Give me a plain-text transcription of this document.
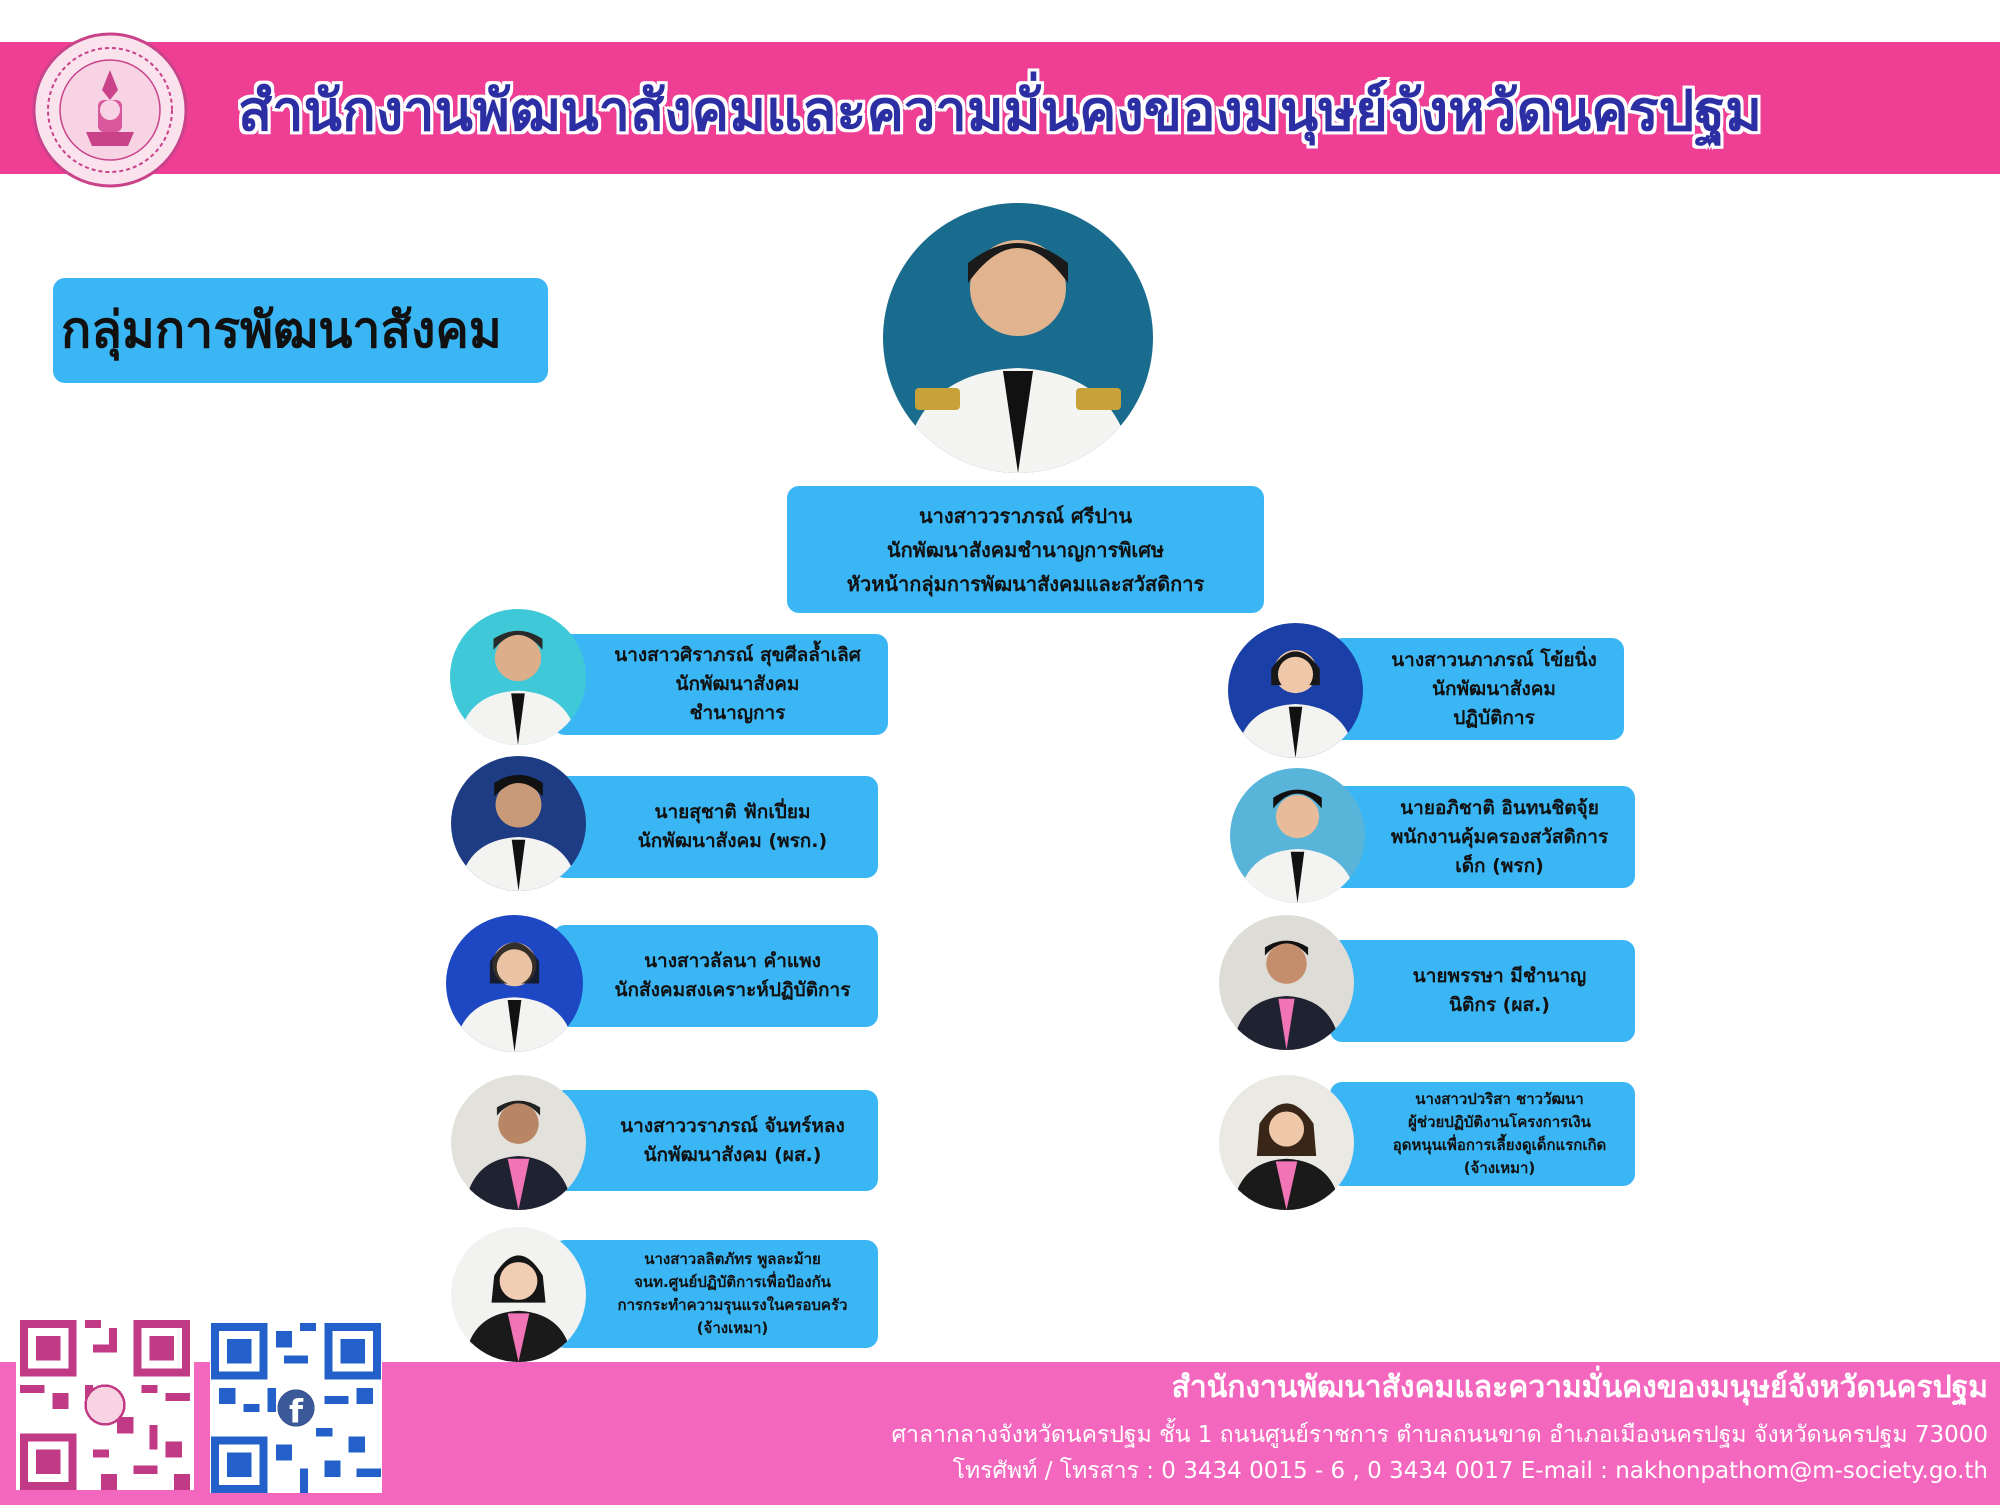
สำนักงานพัฒนาสังคมและความมั่นคงของมนุษย์จังหวัดนครปฐม
กลุ่มการพัฒนาสังคม
นางสาววราภรณ์ ศรีปาน
นักพัฒนาสังคมชำนาญการพิเศษ
หัวหน้ากลุ่มการพัฒนาสังคมและสวัสดิการ
นางสาวศิราภรณ์ สุขศีลล้ำเลิศ
นักพัฒนาสังคม
ชำนาญการ
นายสุชาติ ฟักเปี่ยม
นักพัฒนาสังคม (พรก.)
นางสาวลัลนา คำแพง
นักสังคมสงเคราะห์ปฏิบัติการ
นางสาววราภรณ์ จันทร์หลง
นักพัฒนาสังคม (ผส.)
นางสาวลลิตภัทร พูลละม้าย
จนท.ศูนย์ปฏิบัติการเพื่อป้องกัน
การกระทำความรุนแรงในครอบครัว
(จ้างเหมา)
นางสาวนภาภรณ์ โข้ยนิ่ง
นักพัฒนาสังคม
ปฏิบัติการ
นายอภิชาติ อินทนชิตจุ้ย
พนักงานคุ้มครองสวัสดิการ
เด็ก (พรก)
นายพรรษา มีชำนาญ
นิติกร (ผส.)
นางสาวปวริสา ชาววัฒนา
ผู้ช่วยปฏิบัติงานโครงการเงิน
อุดหนุนเพื่อการเลี้ยงดูเด็กแรกเกิด
(จ้างเหมา)
f
สำนักงานพัฒนาสังคมและความมั่นคงของมนุษย์จังหวัดนครปฐม
ศาลากลางจังหวัดนครปฐม ชั้น 1 ถนนศูนย์ราชการ ตำบลถนนขาด อำเภอเมืองนครปฐม จังหวัดนครปฐม 73000
โทรศัพท์ / โทรสาร : 0 3434 0015 - 6 , 0 3434 0017 E-mail : nakhonpathom@m-society.go.th
